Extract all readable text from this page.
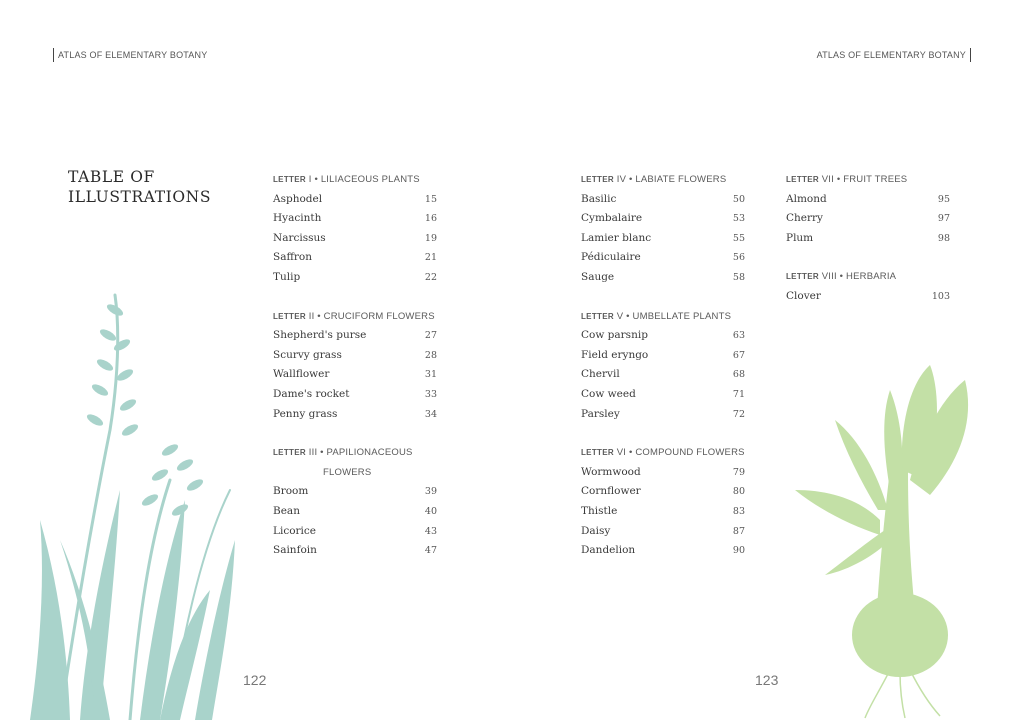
ATLAS OF ELEMENTARY BOTANY	ATLAS OF ELEMENTARY BOTANY
TABLE OF ILLUSTRATIONS
LETTER I • LILIACEOUS PLANTS
Asphodel	15
Hyacinth	16
Narcissus	19
Saffron	21
Tulip	22
LETTER II • CRUCIFORM FLOWERS
Shepherd's purse	27
Scurvy grass	28
Wallflower	31
Dame's rocket	33
Penny grass	34
LETTER III • PAPILIONACEOUS
FLOWERS
Broom	39
Bean	40
Licorice	43
Sainfoin	47
LETTER IV • LABIATE FLOWERS
Basilic	50
Cymbalaire	53
Lamier blanc	55
Pédiculaire	56
Sauge	58
LETTER V • UMBELLATE PLANTS
Cow parsnip	63
Field eryngo	67
Chervil	68
Cow weed	71
Parsley	72
LETTER VI • COMPOUND FLOWERS
Wormwood	79
Cornflower	80
Thistle	83
Daisy	87
Dandelion	90
LETTER VII • FRUIT TREES
Almond	95
Cherry	97
Plum	98
LETTER VIII • HERBARIA
Clover	103
122	123
